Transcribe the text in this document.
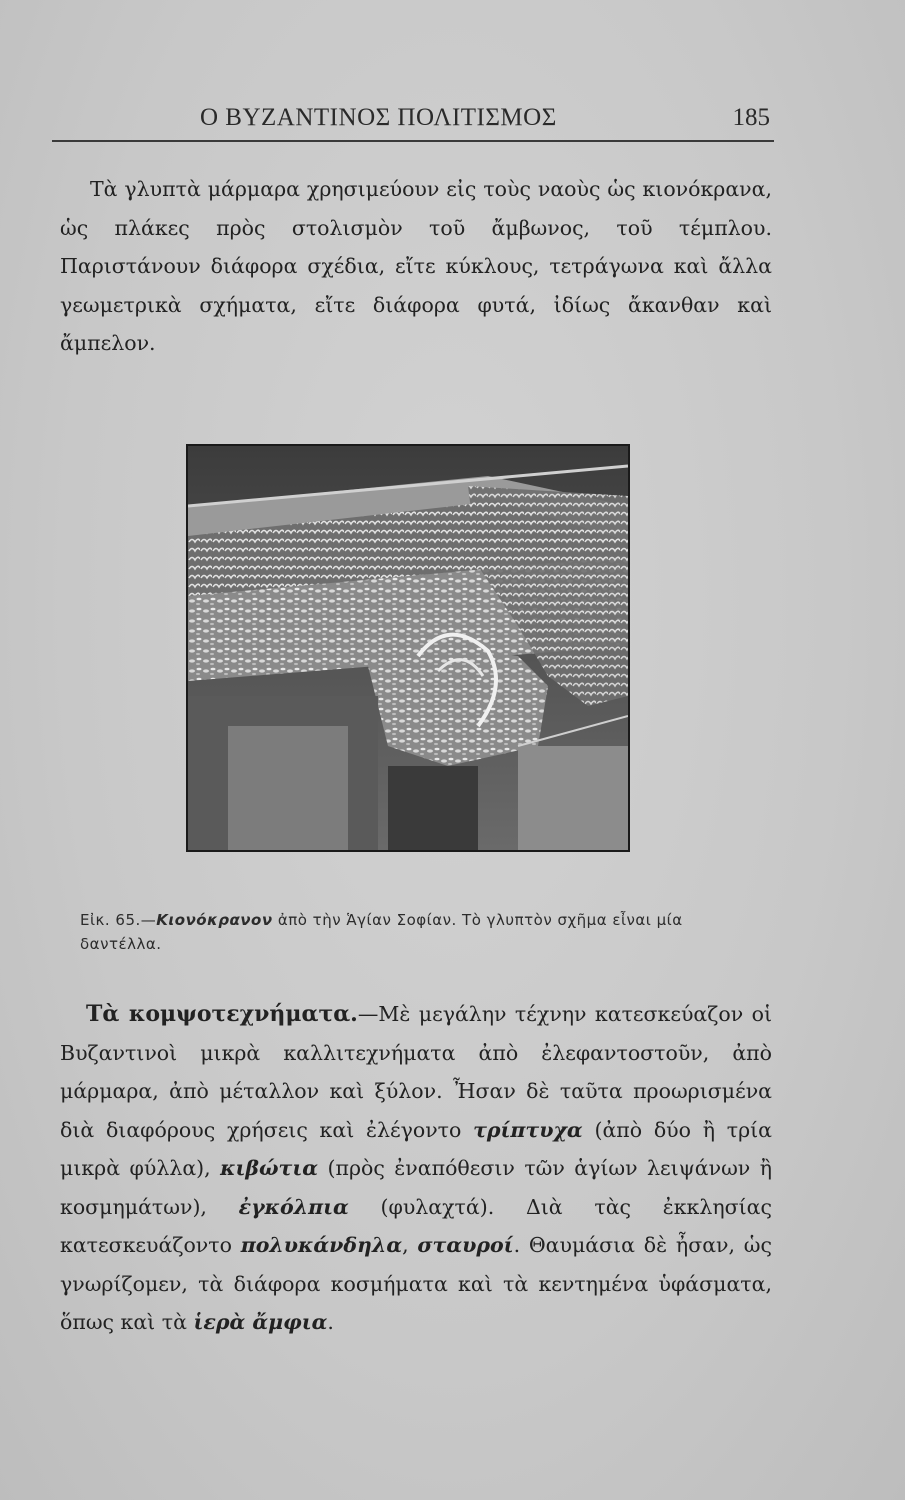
Ο ΒΥΖΑΝΤΙΝΟΣ ΠΟΛΙΤΙΣΜΟΣ	185

Τὰ γλυπτὰ μάρμαρα χρησιμεύουν εἰς τοὺς ναοὺς ὡς κιονόκρανα, ὡς πλάκες πρὸς στολισμὸν τοῦ ἄμβωνος, τοῦ τέμπλου. Παριστάνουν διάφορα σχέδια, εἴτε κύκλους, τετράγωνα καὶ ἄλλα γεωμετρικὰ σχήματα, εἴτε διάφορα φυτά, ἰδίως ἄκανθαν καὶ ἄμπελον.

Εἰκ. 65.—Κιονόκρανον ἀπὸ τὴν Ἁγίαν Σοφίαν. Τὸ γλυπτὸν σχῆμα εἶναι μία δαντέλλα.

Τὰ κομψοτεχνήματα.—Μὲ μεγάλην τέχνην κατεσκεύαζον οἱ Βυζαντινοὶ μικρὰ καλλιτεχνήματα ἀπὸ ἐλεφαντοστοῦν, ἀπὸ μάρμαρα, ἀπὸ μέταλλον καὶ ξύλον. Ἦσαν δὲ ταῦτα προωρισμένα διὰ διαφόρους χρήσεις καὶ ἐλέγοντο τρίπτυχα (ἀπὸ δύο ἢ τρία μικρὰ φύλλα), κιβώτια (πρὸς ἐναπόθεσιν τῶν ἁγίων λειψάνων ἢ κοσμημάτων), ἐγκόλπια (φυλαχτά). Διὰ τὰς ἐκκλησίας κατεσκευάζοντο πολυκάνδηλα, σταυροί. Θαυμάσια δὲ ἦσαν, ὡς γνωρίζομεν, τὰ διάφορα κοσμήματα καὶ τὰ κεντημένα ὑφάσματα, ὅπως καὶ τὰ ἱερὰ ἄμφια.
